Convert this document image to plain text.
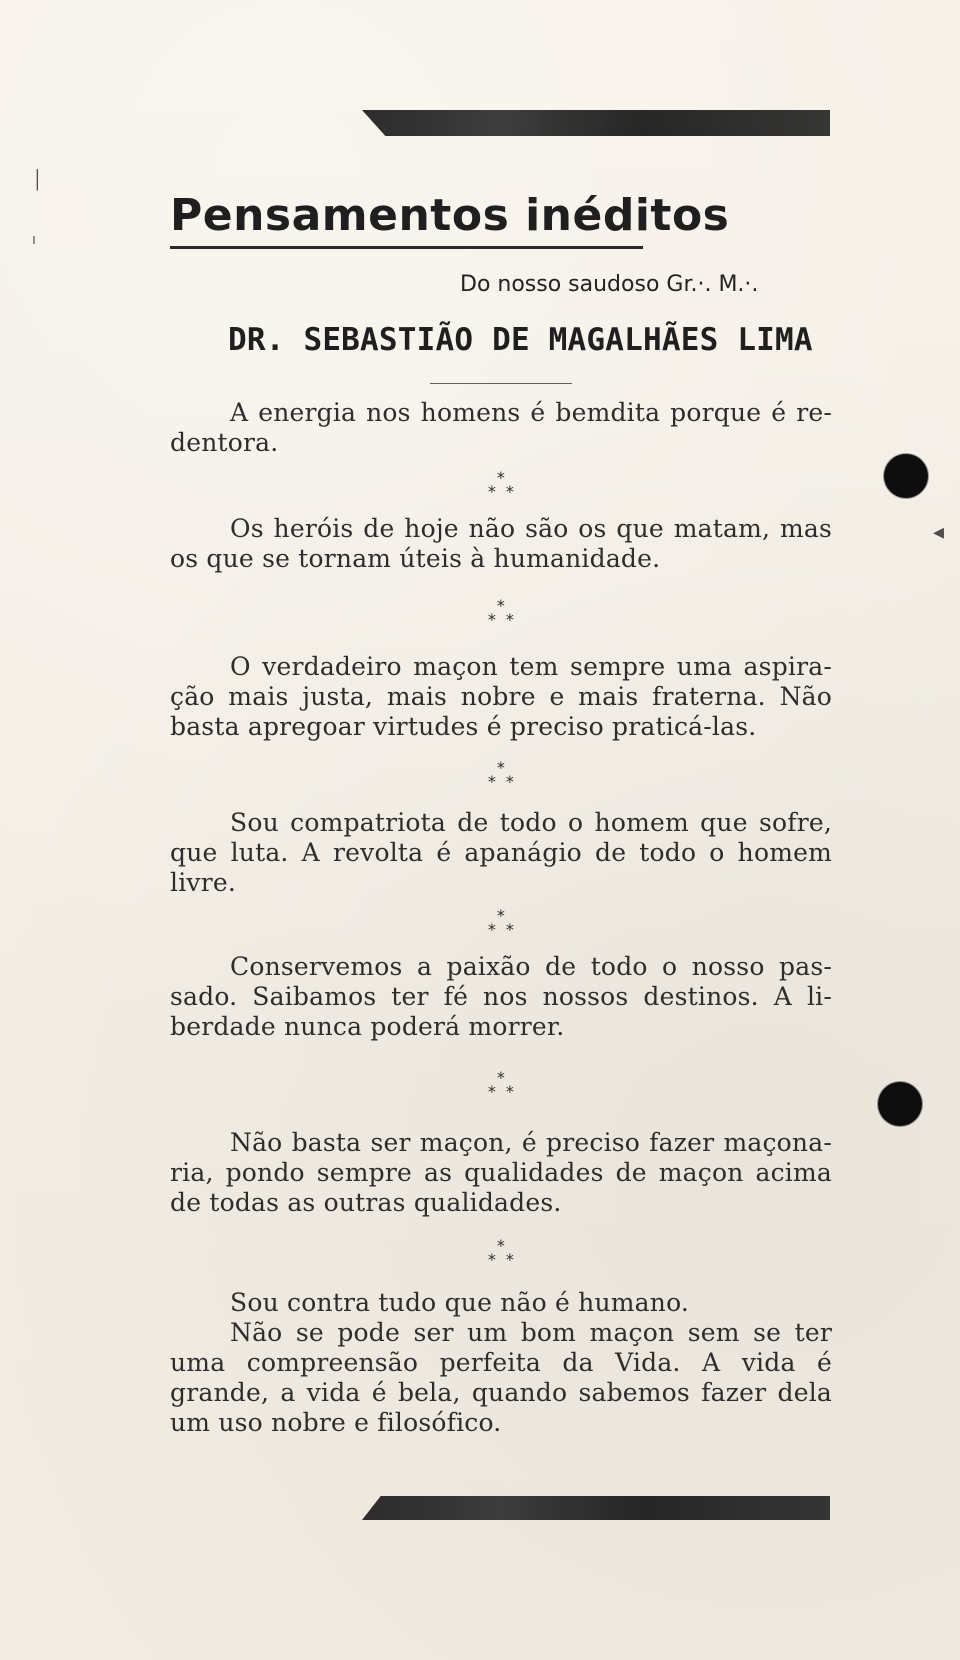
Pensamentos inéditos
Do nosso saudoso Gr.·. M.·.
DR. SEBASTIÃO DE MAGALHÃES LIMA

A energia nos homens é bemdita porque é re-dentora.

*
* *

Os heróis de hoje não são os que matam, mas os que se tornam úteis à humanidade.

*
* *

O verdadeiro maçon tem sempre uma aspira-ção mais justa, mais nobre e mais fraterna. Não basta apregoar virtudes é preciso praticá-las.

*
* *

Sou compatriota de todo o homem que sofre, que luta. A revolta é apanágio de todo o homem livre.

*
* *

Conservemos a paixão de todo o nosso pas-sado. Saibamos ter fé nos nossos destinos. A li-berdade nunca poderá morrer.

*
* *

Não basta ser maçon, é preciso fazer maçona-ria, pondo sempre as qualidades de maçon acima de todas as outras qualidades.

*
* *

Sou contra tudo que não é humano.

Não se pode ser um bom maçon sem se ter uma compreensão perfeita da Vida. A vida é grande, a vida é bela, quando sabemos fazer dela um uso nobre e filosófico.

│
ı
◂
